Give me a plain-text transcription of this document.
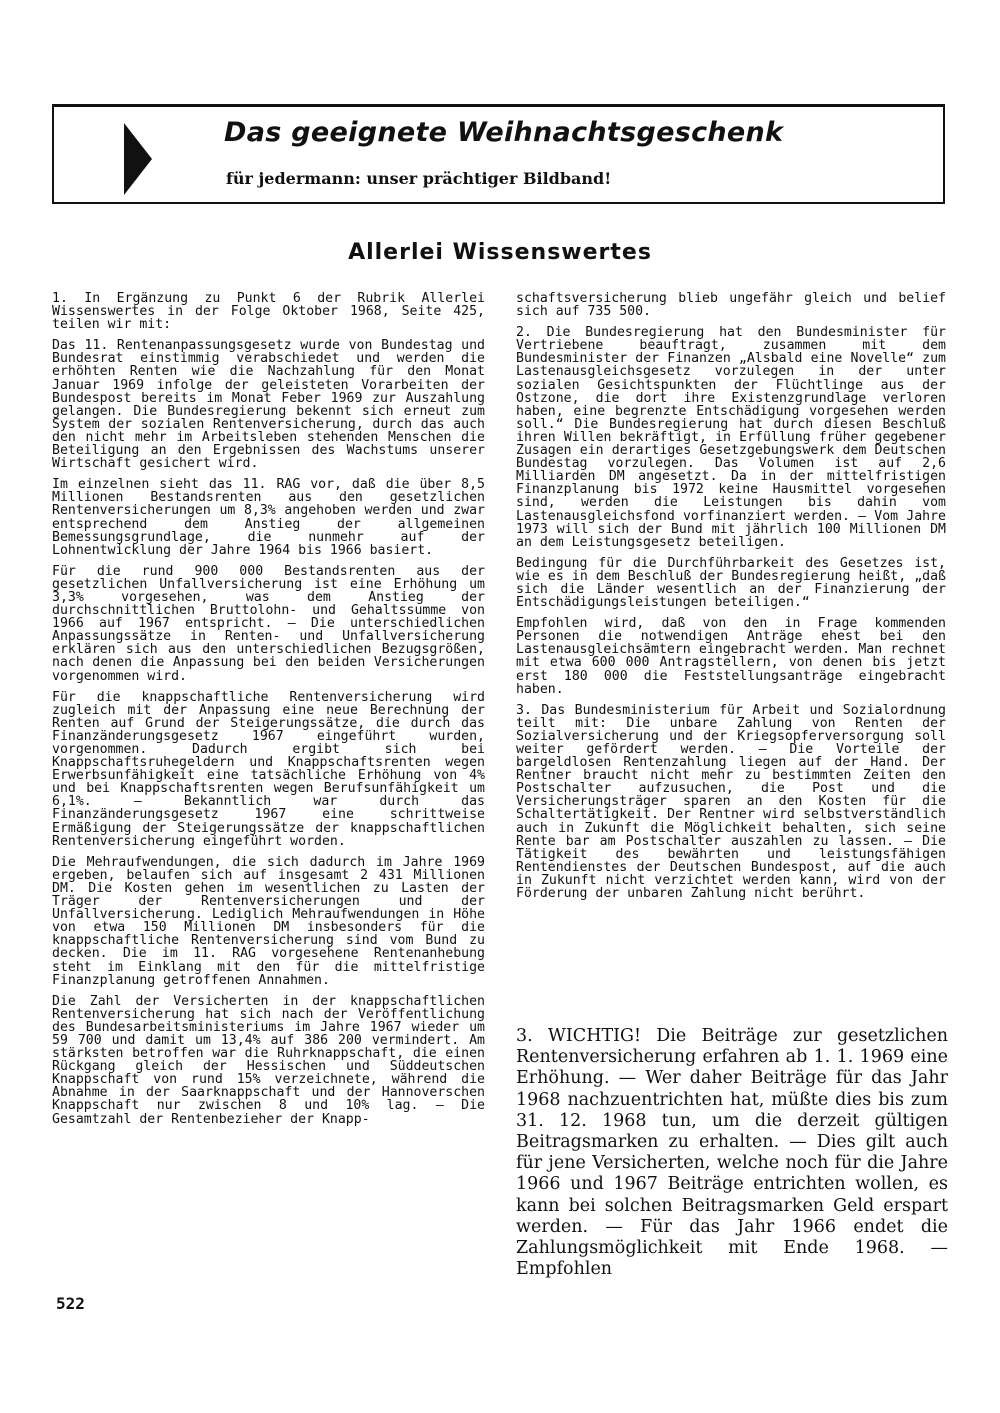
Das geeignete Weihnachtsgeschenk

für jedermann: unser prächtiger Bildband!

Allerlei Wissenswertes

1. In Ergänzung zu Punkt 6 der Rubrik Allerlei Wissenswertes in der Folge Oktober 1968, Seite 425, teilen wir mit:

Das 11. Rentenanpassungsgesetz wurde von Bundestag und Bundesrat einstimmig verabschiedet und werden die erhöhten Renten wie die Nachzahlung für den Monat Januar 1969 infolge der geleisteten Vorarbeiten der Bundespost bereits im Monat Feber 1969 zur Auszahlung gelangen. Die Bundesregierung bekennt sich erneut zum System der sozialen Rentenversicherung, durch das auch den nicht mehr im Arbeitsleben stehenden Menschen die Beteiligung an den Ergebnissen des Wachstums unserer Wirtschaft gesichert wird.

Im einzelnen sieht das 11. RAG vor, daß die über 8,5 Millionen Bestandsrenten aus den gesetzlichen Rentenversicherungen um 8,3% angehoben werden und zwar entsprechend dem Anstieg der allgemeinen Bemessungsgrundlage, die nunmehr auf der Lohnentwicklung der Jahre 1964 bis 1966 basiert.

Für die rund 900 000 Bestandsrenten aus der gesetzlichen Unfallversicherung ist eine Erhöhung um 3,3% vorgesehen, was dem Anstieg der durchschnittlichen Bruttolohn- und Gehaltssumme von 1966 auf 1967 entspricht. — Die unterschiedlichen Anpassungssätze in Renten- und Unfallversicherung erklären sich aus den unterschiedlichen Bezugsgrößen, nach denen die Anpassung bei den beiden Versicherungen vorgenommen wird.

Für die knappschaftliche Rentenversicherung wird zugleich mit der Anpassung eine neue Berechnung der Renten auf Grund der Steigerungssätze, die durch das Finanzänderungsgesetz 1967 eingeführt wurden, vorgenommen. Dadurch ergibt sich bei Knappschaftsruhegeldern und Knappschaftsrenten wegen Erwerbsunfähigkeit eine tatsächliche Erhöhung von 4% und bei Knappschaftsrenten wegen Berufsunfähigkeit um 6,1%. — Bekanntlich war durch das Finanzänderungsgesetz 1967 eine schrittweise Ermäßigung der Steigerungssätze der knappschaftlichen Rentenversicherung eingeführt worden.

Die Mehraufwendungen, die sich dadurch im Jahre 1969 ergeben, belaufen sich auf insgesamt 2 431 Millionen DM. Die Kosten gehen im wesentlichen zu Lasten der Träger der Rentenversicherungen und der Unfallversicherung. Lediglich Mehraufwendungen in Höhe von etwa 150 Millionen DM insbesonders für die knappschaftliche Rentenversicherung sind vom Bund zu decken. Die im 11. RAG vorgesehene Rentenanhebung steht im Einklang mit den für die mittelfristige Finanzplanung getroffenen Annahmen.

Die Zahl der Versicherten in der knappschaftlichen Rentenversicherung hat sich nach der Veröffentlichung des Bundesarbeitsministeriums im Jahre 1967 wieder um 59 700 und damit um 13,4% auf 386 200 vermindert. Am stärksten betroffen war die Ruhrknappschaft, die einen Rückgang gleich der Hessischen und Süddeutschen Knappschaft von rund 15% verzeichnete, während die Abnahme in der Saarknappschaft und der Hannoverschen Knappschaft nur zwischen 8 und 10% lag. — Die Gesamtzahl der Rentenbezieher der Knapp-

schaftsversicherung blieb ungefähr gleich und belief sich auf 735 500.

2. Die Bundesregierung hat den Bundesminister für Vertriebene beauftragt, zusammen mit dem Bundesminister der Finanzen „Alsbald eine Novelle“ zum Lastenausgleichsgesetz vorzulegen in der unter sozialen Gesichtspunkten der Flüchtlinge aus der Ostzone, die dort ihre Existenzgrundlage verloren haben, eine begrenzte Entschädigung vorgesehen werden soll.“ Die Bundesregierung hat durch diesen Beschluß ihren Willen bekräftigt, in Erfüllung früher gegebener Zusagen ein derartiges Gesetzgebungswerk dem Deutschen Bundestag vorzulegen. Das Volumen ist auf 2,6 Milliarden DM angesetzt. Da in der mittelfristigen Finanzplanung bis 1972 keine Hausmittel vorgesehen sind, werden die Leistungen bis dahin vom Lastenausgleichsfond vorfinanziert werden. — Vom Jahre 1973 will sich der Bund mit jährlich 100 Millionen DM an dem Leistungsgesetz beteiligen.

Bedingung für die Durchführbarkeit des Gesetzes ist, wie es in dem Beschluß der Bundesregierung heißt, „daß sich die Länder wesentlich an der Finanzierung der Entschädigungsleistungen beteiligen.“

Empfohlen wird, daß von den in Frage kommenden Personen die notwendigen Anträge ehest bei den Lastenausgleichsämtern eingebracht werden. Man rechnet mit etwa 600 000 Antragstellern, von denen bis jetzt erst 180 000 die Feststellungsanträge eingebracht haben.

3. Das Bundesministerium für Arbeit und Sozialordnung teilt mit: Die unbare Zahlung von Renten der Sozialversicherung und der Kriegsopferversorgung soll weiter gefördert werden. — Die Vorteile der bargeldlosen Rentenzahlung liegen auf der Hand. Der Rentner braucht nicht mehr zu bestimmten Zeiten den Postschalter aufzusuchen, die Post und die Versicherungsträger sparen an den Kosten für die Schaltertätigkeit. Der Rentner wird selbstverständlich auch in Zukunft die Möglichkeit behalten, sich seine Rente bar am Postschalter auszahlen zu lassen. — Die Tätigkeit des bewährten und leistungsfähigen Rentendienstes der Deutschen Bundespost, auf die auch in Zukunft nicht verzichtet werden kann, wird von der Förderung der unbaren Zahlung nicht berührt.

3. WICHTIG! Die Beiträge zur gesetzlichen Rentenversicherung erfahren ab 1. 1. 1969 eine Erhöhung. — Wer daher Beiträge für das Jahr 1968 nachzuentrichten hat, müßte dies bis zum 31. 12. 1968 tun, um die derzeit gültigen Beitragsmarken zu erhalten. — Dies gilt auch für jene Versicherten, welche noch für die Jahre 1966 und 1967 Beiträge entrichten wollen, es kann bei solchen Beitragsmarken Geld erspart werden. — Für das Jahr 1966 endet die Zahlungsmöglichkeit mit Ende 1968. — Empfohlen

522
